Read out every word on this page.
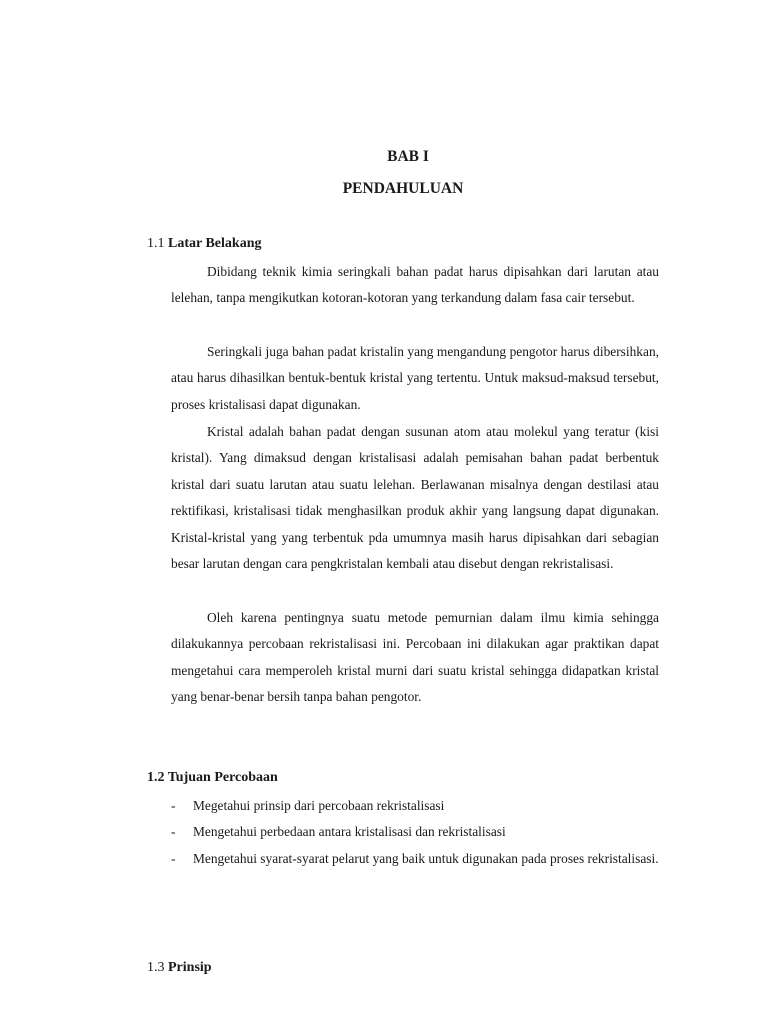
BAB I
PENDAHULUAN
1.1 Latar Belakang

Dibidang teknik kimia seringkali bahan padat harus dipisahkan dari larutan atau lelehan, tanpa mengikutkan kotoran-kotoran yang terkandung dalam fasa cair tersebut.

Seringkali juga bahan padat kristalin yang mengandung pengotor harus dibersihkan, atau harus dihasilkan bentuk-bentuk kristal yang tertentu. Untuk maksud-maksud tersebut, proses kristalisasi dapat digunakan.

Kristal adalah bahan padat dengan susunan atom atau molekul yang teratur (kisi kristal). Yang dimaksud dengan kristalisasi adalah pemisahan bahan padat berbentuk kristal dari suatu larutan atau suatu lelehan. Berlawanan misalnya dengan destilasi atau rektifikasi, kristalisasi tidak menghasilkan produk akhir yang langsung dapat digunakan. Kristal-kristal yang yang terbentuk pda umumnya masih harus dipisahkan dari sebagian besar larutan dengan cara pengkristalan kembali atau disebut dengan rekristalisasi.

Oleh karena pentingnya suatu metode pemurnian dalam ilmu kimia sehingga dilakukannya percobaan rekristalisasi ini. Percobaan ini dilakukan agar praktikan dapat mengetahui cara memperoleh kristal murni dari suatu kristal sehingga didapatkan kristal yang benar-benar bersih tanpa bahan pengotor.

1.2 Tujuan Percobaan
- Megetahui prinsip dari percobaan rekristalisasi
- Mengetahui perbedaan antara kristalisasi dan rekristalisasi
- Mengetahui syarat-syarat pelarut yang baik untuk digunakan pada proses rekristalisasi.
1.3 Prinsip
